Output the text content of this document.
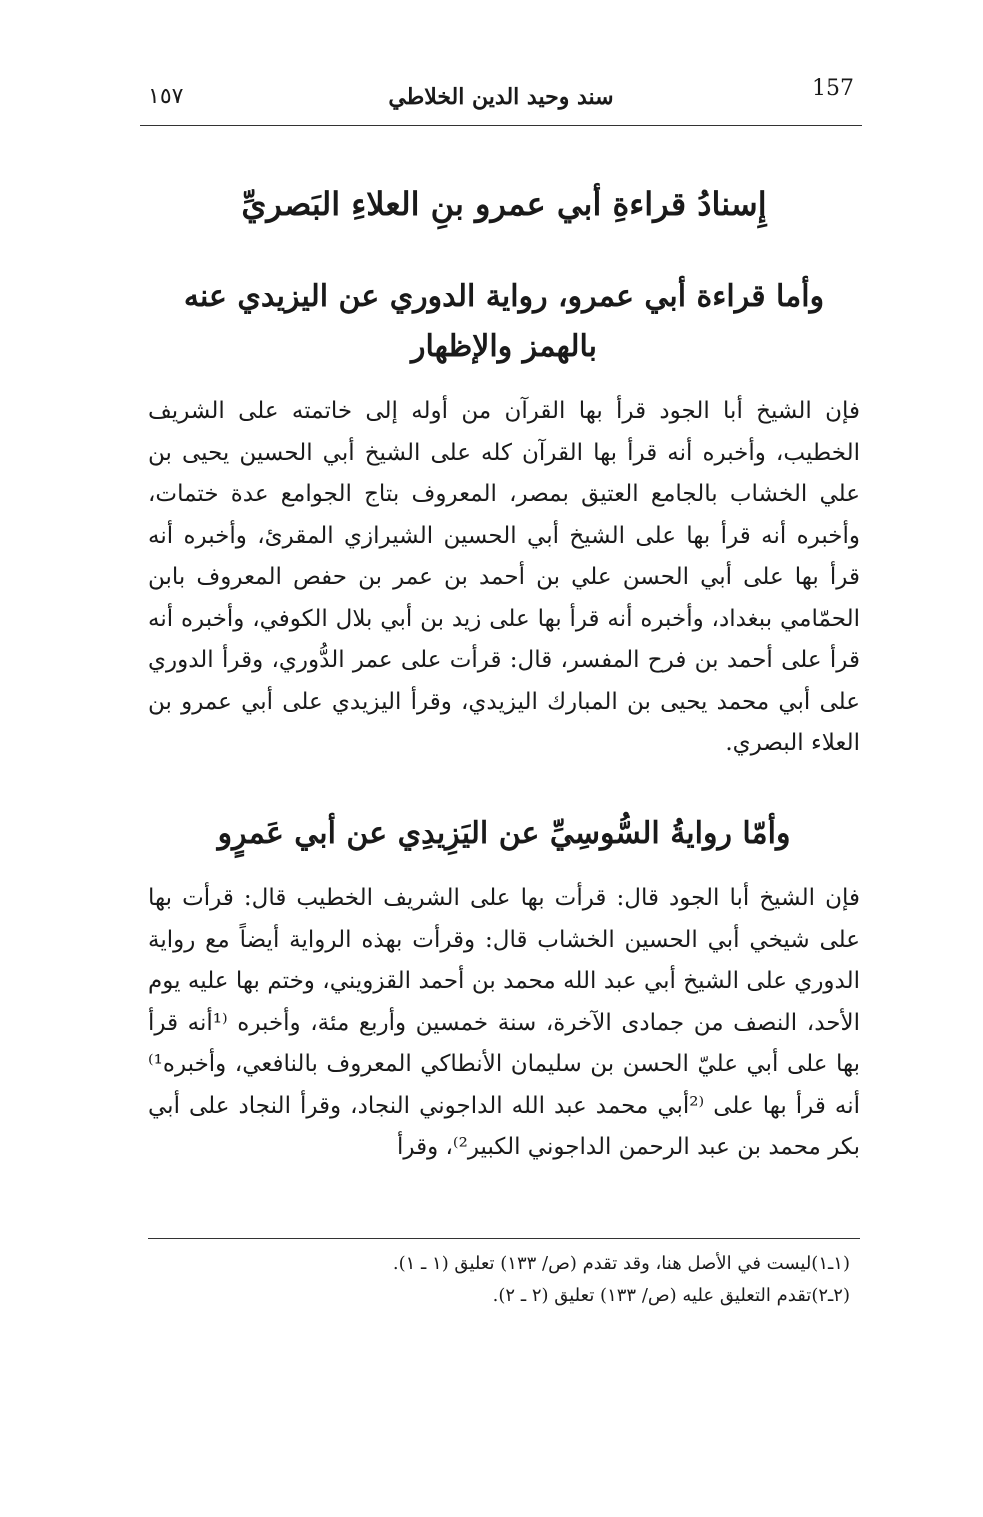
157
سند وحيد الدين الخلاطي
١٥٧
إِسنادُ قراءةِ أبي عمرو بنِ العلاءِ البَصريِّ
وأما قراءة أبي عمرو، رواية الدوري عن اليزيدي عنه بالهمز والإظهار

فإن الشيخ أبا الجود قرأ بها القرآن من أوله إلى خاتمته على الشريف الخطيب، وأخبره أنه قرأ بها القرآن كله على الشيخ أبي الحسين يحيى بن علي الخشاب بالجامع العتيق بمصر، المعروف بتاج الجوامع عدة ختمات، وأخبره أنه قرأ بها على الشيخ أبي الحسين الشيرازي المقرئ، وأخبره أنه قرأ بها على أبي الحسن علي بن أحمد بن عمر بن حفص المعروف بابن الحمّامي ببغداد، وأخبره أنه قرأ بها على زيد بن أبي بلال الكوفي، وأخبره أنه قرأ على أحمد بن فرح المفسر، قال: قرأت على عمر الدُّوري، وقرأ الدوري على أبي محمد يحيى بن المبارك اليزيدي، وقرأ اليزيدي على أبي عمرو بن العلاء البصري.

وأمّا روايةُ السُّوسِيِّ عن اليَزِيدِي عن أبي عَمرٍو

فإن الشيخ أبا الجود قال: قرأت بها على الشريف الخطيب قال: قرأت بها على شيخي أبي الحسين الخشاب قال: وقرأت بهذه الرواية أيضاً مع رواية الدوري على الشيخ أبي عبد الله محمد بن أحمد القزويني، وختم بها عليه يوم الأحد، النصف من جمادى الآخرة، سنة خمسين وأربع مئة، وأخبره ⁽¹أنه قرأ بها على أبي عليّ الحسن بن سليمان الأنطاكي المعروف بالنافعي، وأخبره¹⁾ أنه قرأ بها على ⁽²أبي محمد عبد الله الداجوني النجاد، وقرأ النجاد على أبي بكر محمد بن عبد الرحمن الداجوني الكبير²⁾، وقرأ

(١ـ١)ليست في الأصل هنا، وقد تقدم (ص/ ١٣٣) تعليق (١ ـ ١).

(٢ـ٢)تقدم التعليق عليه (ص/ ١٣٣) تعليق (٢ ـ ٢).
